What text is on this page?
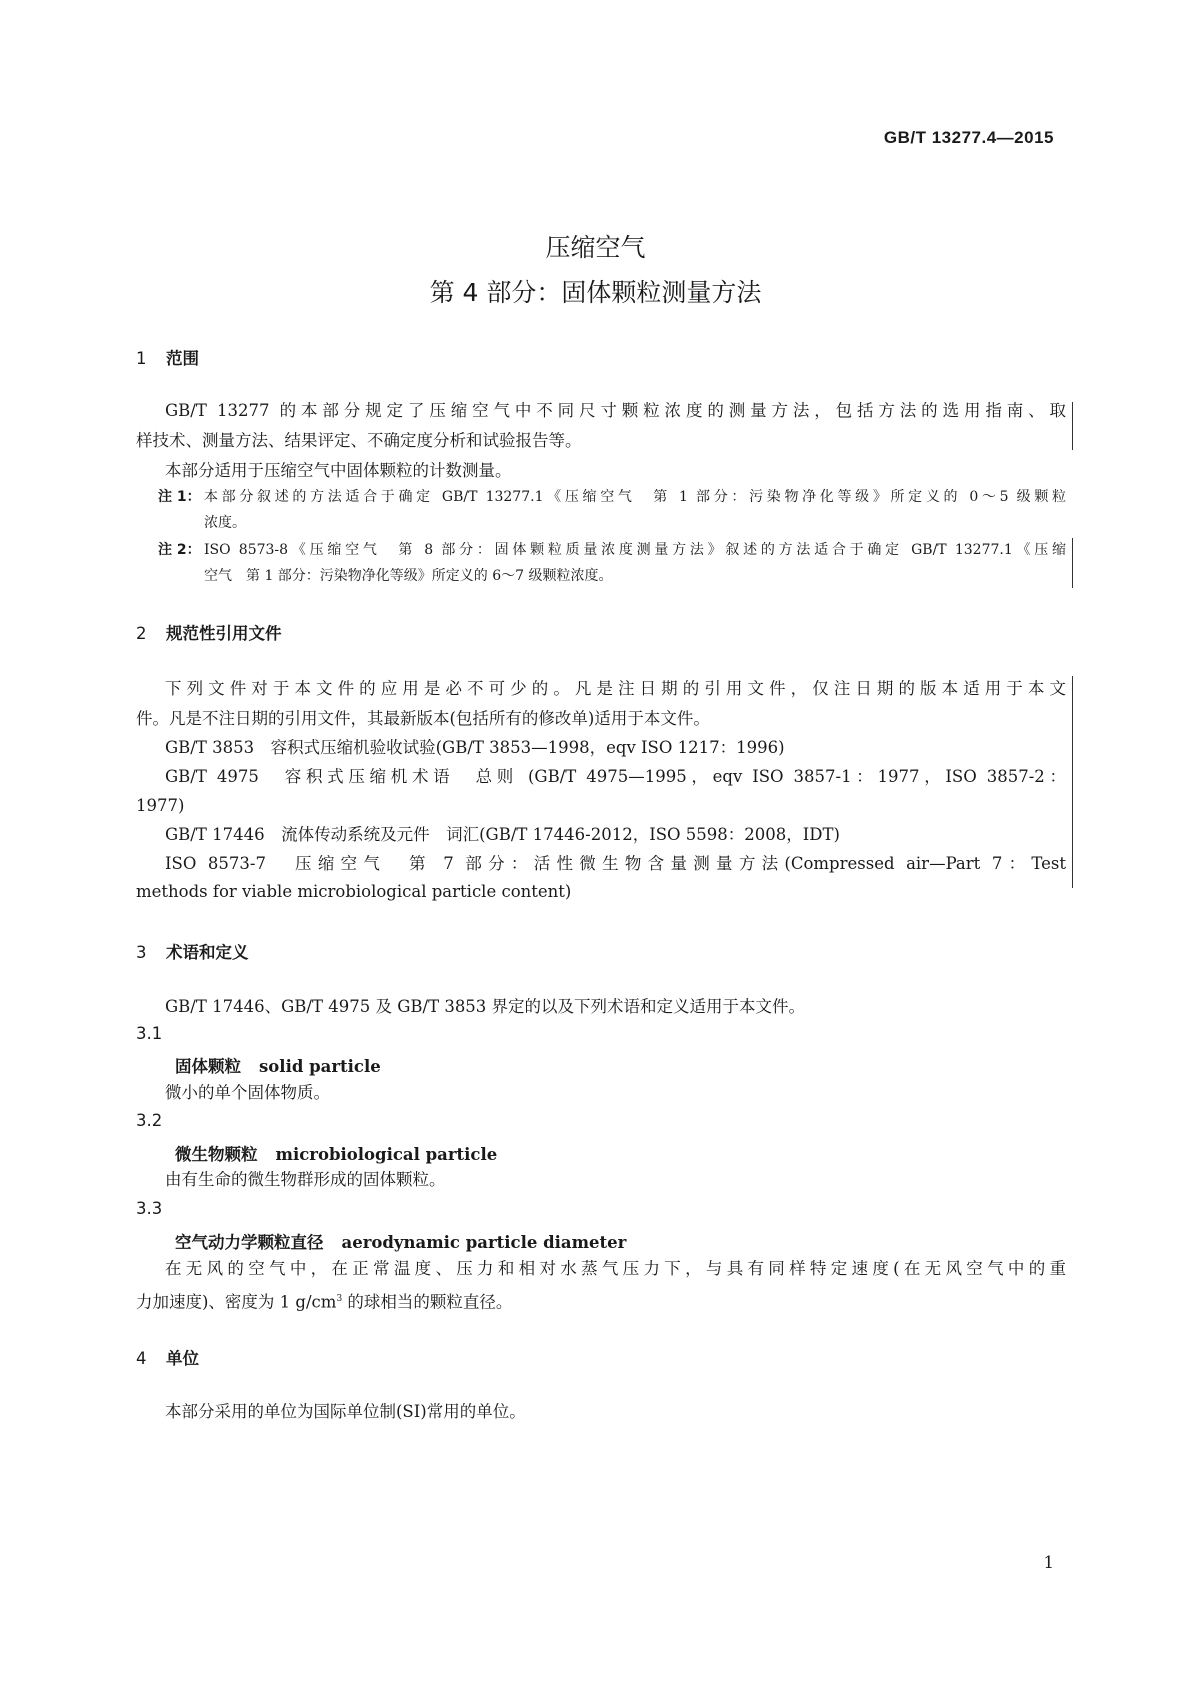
GB/T 13277.4—2015
压缩空气
第 4 部分：固体颗粒测量方法
1 范围
GB/T 13277 的本部分规定了压缩空气中不同尺寸颗粒浓度的测量方法，包括方法的选用指南、取
样技术、测量方法、结果评定、不确定度分析和试验报告等。
本部分适用于压缩空气中固体颗粒的计数测量。
注 1： 本部分叙述的方法适合于确定 GB/T 13277.1《压缩空气　第 1 部分：污染物净化等级》所定义的 0～5 级颗粒
浓度。
注 2： ISO 8573-8《压缩空气　第 8 部分：固体颗粒质量浓度测量方法》叙述的方法适合于确定 GB/T 13277.1《压缩
空气　第 1 部分：污染物净化等级》所定义的 6～7 级颗粒浓度。
2 规范性引用文件
下列文件对于本文件的应用是必不可少的。凡是注日期的引用文件，仅注日期的版本适用于本文
件。凡是不注日期的引用文件，其最新版本(包括所有的修改单)适用于本文件。
GB/T 3853　容积式压缩机验收试验(GB/T 3853—1998，eqv ISO 1217：1996)
GB/T 4975　容积式压缩机术语　总则 (GB/T 4975—1995，eqv ISO 3857-1：1977，ISO 3857-2：
1977)
GB/T 17446　流体传动系统及元件　词汇(GB/T 17446-2012，ISO 5598：2008，IDT)
ISO 8573-7　压缩空气　第 7 部分：活性微生物含量测量方法(Compressed air—Part 7：Test
methods for viable microbiological particle content)
3 术语和定义
GB/T 17446、GB/T 4975 及 GB/T 3853 界定的以及下列术语和定义适用于本文件。
3.1
固体颗粒 solid particle
微小的单个固体物质。
3.2
微生物颗粒 microbiological particle
由有生命的微生物群形成的固体颗粒。
3.3
空气动力学颗粒直径 aerodynamic particle diameter
在无风的空气中，在正常温度、压力和相对水蒸气压力下，与具有同样特定速度(在无风空气中的重
力加速度)、密度为 1 $g/cm^3$ 的球相当的颗粒直径。
4 单位
本部分采用的单位为国际单位制(SI)常用的单位。
1
